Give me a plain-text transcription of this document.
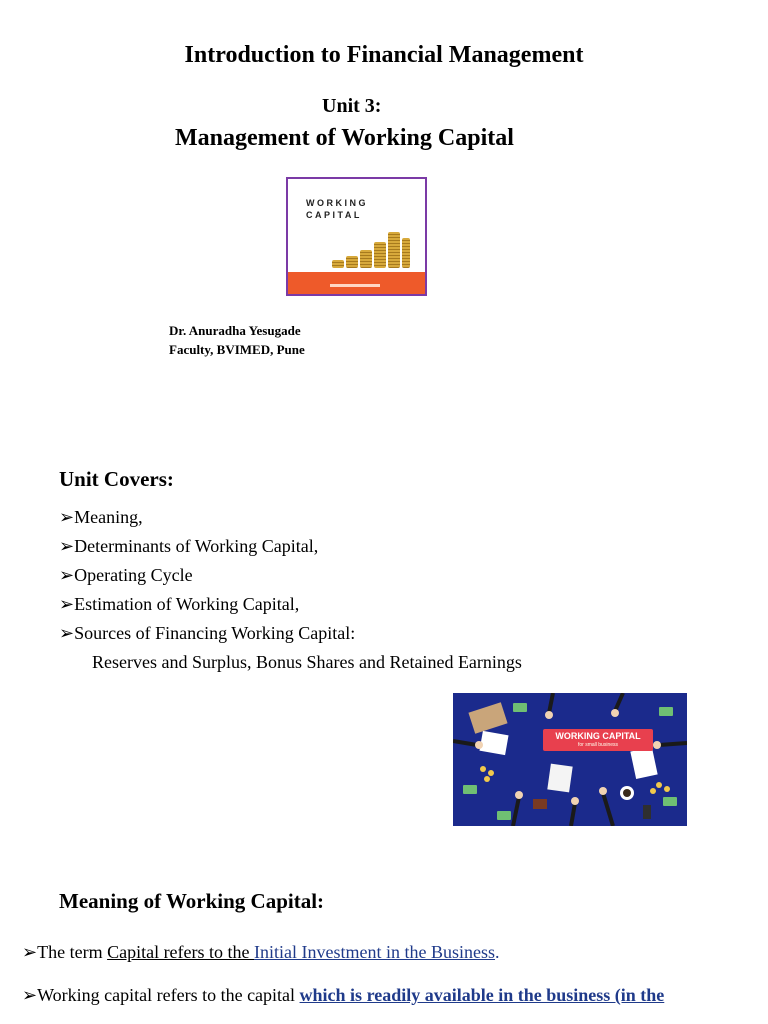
Introduction to Financial Management
Unit 3:
Management of Working Capital
WORKING
CAPITAL
Dr. Anuradha Yesugade
Faculty, BVIMED, Pune
Unit Covers:
➢Meaning,
➢Determinants of Working Capital,
➢Operating Cycle
➢Estimation of Working Capital,
➢Sources of Financing Working Capital:
Reserves and Surplus, Bonus Shares and Retained Earnings
WORKING CAPITAL
for small business
Meaning of Working Capital:
➢The term Capital refers to the Initial Investment in the Business.
➢Working capital refers to the capital which is readily available in the business (in the
